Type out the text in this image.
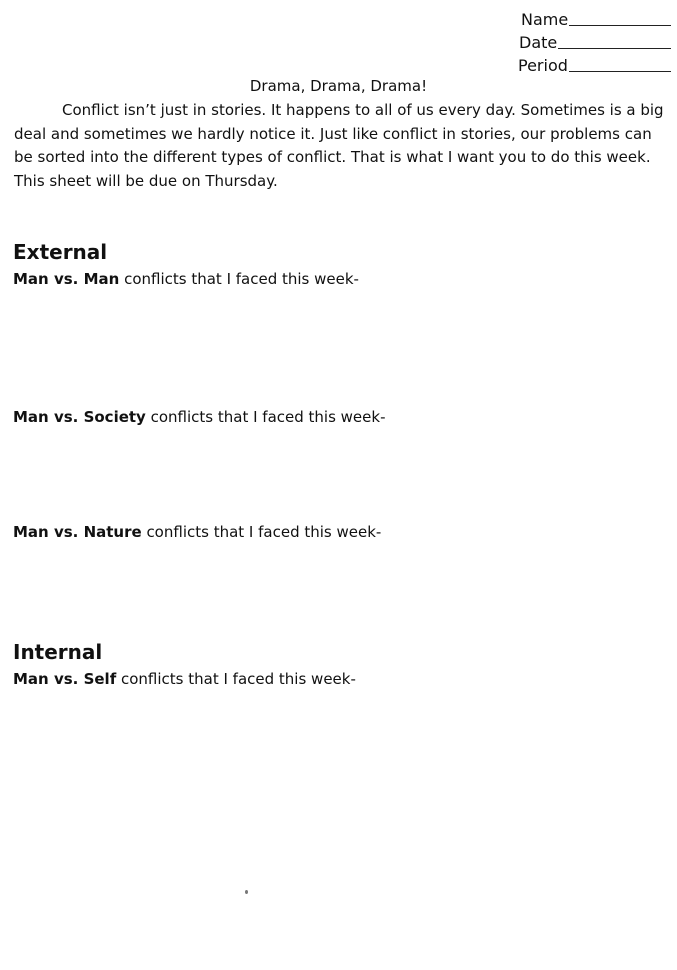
Name
Date
Period
Drama, Drama, Drama!

Conflict isn’t just in stories. It happens to all of us every day. Sometimes is a big deal and sometimes we hardly notice it. Just like conflict in stories, our problems can be sorted into the different types of conflict. That is what I want you to do this week. This sheet will be due on Thursday.

External

Man vs. Man conflicts that I faced this week-

Man vs. Society conflicts that I faced this week-

Man vs. Nature conflicts that I faced this week-

Internal

Man vs. Self conflicts that I faced this week-
